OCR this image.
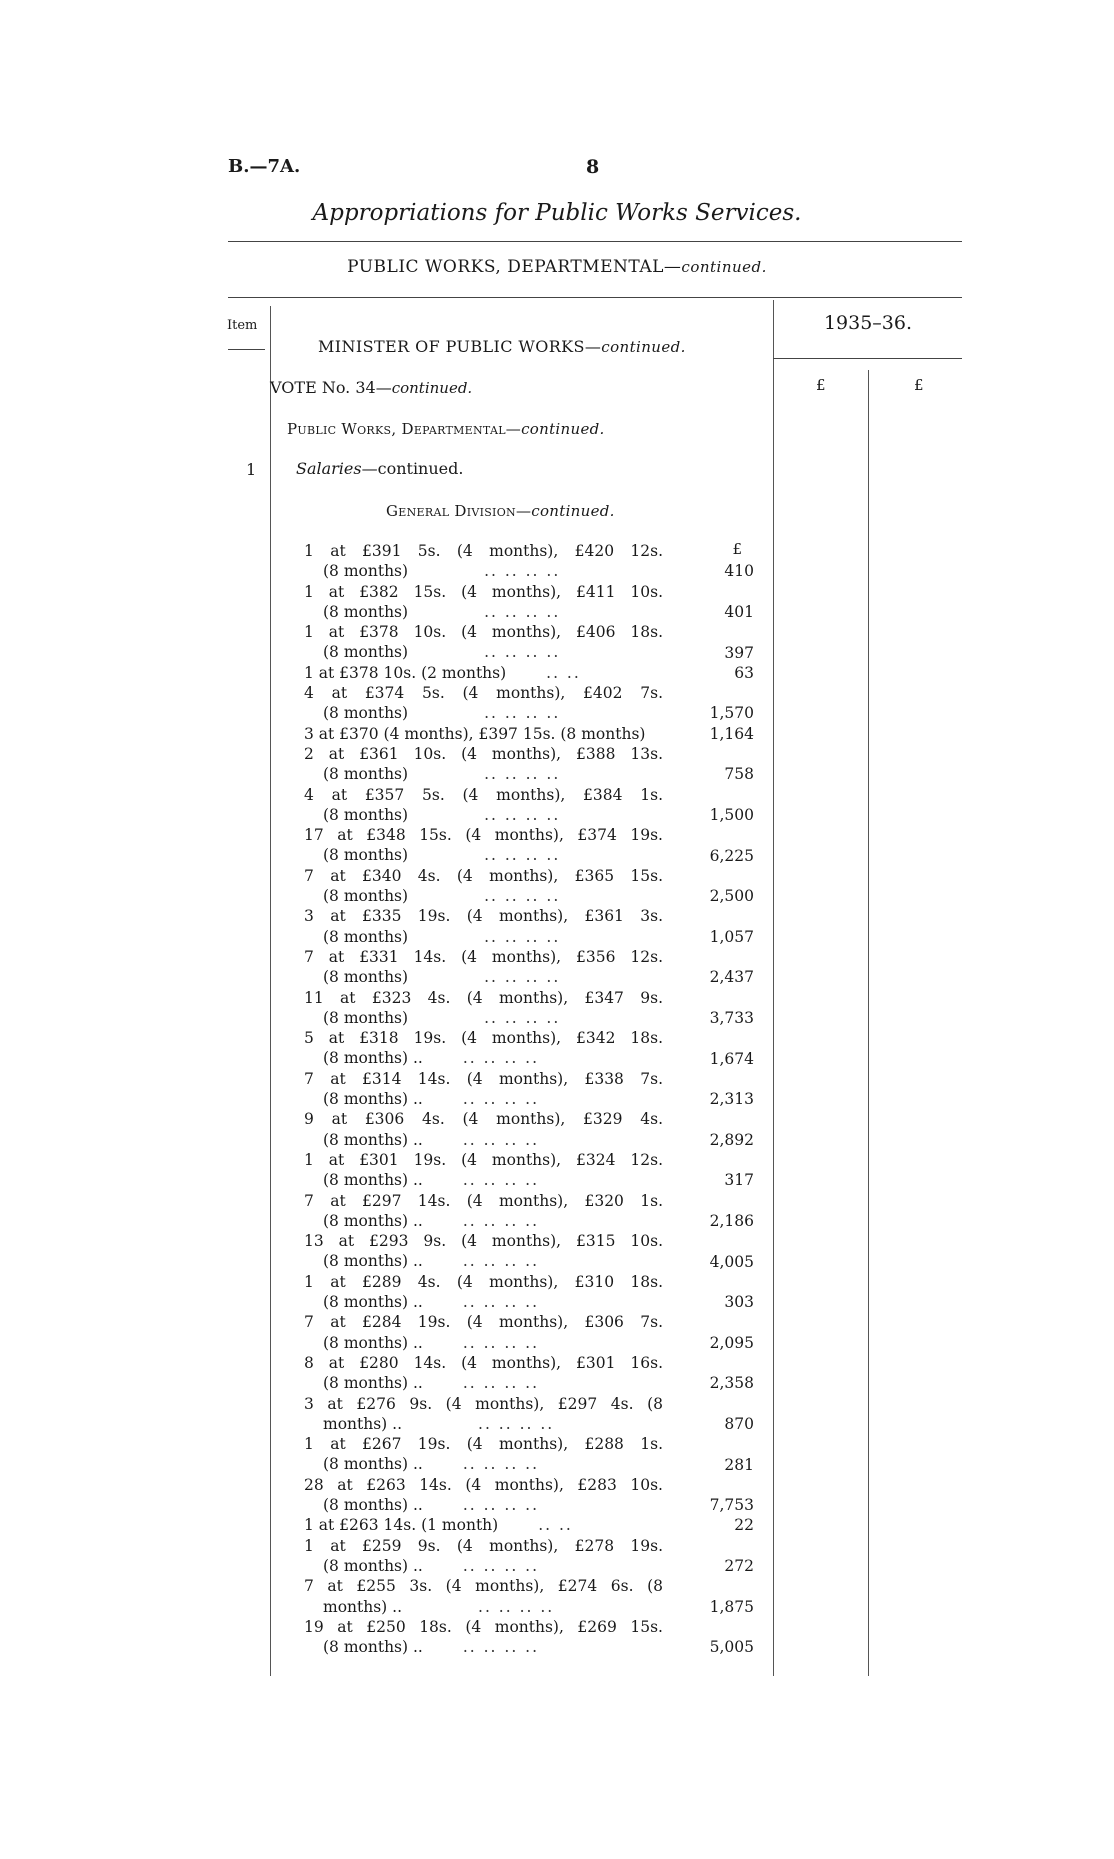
B.—7A.	8
Appropriations for Public Works Services.
PUBLIC WORKS, DEPARTMENTAL—continued.
Item	1935–36.
MINISTER OF PUBLIC WORKS—continued.
VOTE No. 34—continued.	£	£
Public Works, Departmental—continued.
1 Salaries—continued.
General Division—continued.
£
1 at £391 5s. (4 months), £420 12s.
(8 months)	.. .. .. ..	410
1 at £382 15s. (4 months), £411 10s.
(8 months)	.. .. .. ..	401
1 at £378 10s. (4 months), £406 18s.
(8 months)	.. .. .. ..	397
1 at £378 10s. (2 months)	.. ..	63
4 at £374 5s. (4 months), £402 7s.
(8 months)	.. .. .. ..	1,570
3 at £370 (4 months), £397 15s. (8 months)	1,164
2 at £361 10s. (4 months), £388 13s.
(8 months)	.. .. .. ..	758
4 at £357 5s. (4 months), £384 1s.
(8 months)	.. .. .. ..	1,500
17 at £348 15s. (4 months), £374 19s.
(8 months)	.. .. .. ..	6,225
7 at £340 4s. (4 months), £365 15s.
(8 months)	.. .. .. ..	2,500
3 at £335 19s. (4 months), £361 3s.
(8 months)	.. .. .. ..	1,057
7 at £331 14s. (4 months), £356 12s.
(8 months)	.. .. .. ..	2,437
11 at £323 4s. (4 months), £347 9s.
(8 months)	.. .. .. ..	3,733
5 at £318 19s. (4 months), £342 18s.
(8 months) ..	.. .. .. ..	1,674
7 at £314 14s. (4 months), £338 7s.
(8 months) ..	.. .. .. ..	2,313
9 at £306 4s. (4 months), £329 4s.
(8 months) ..	.. .. .. ..	2,892
1 at £301 19s. (4 months), £324 12s.
(8 months) ..	.. .. .. ..	317
7 at £297 14s. (4 months), £320 1s.
(8 months) ..	.. .. .. ..	2,186
13 at £293 9s. (4 months), £315 10s.
(8 months) ..	.. .. .. ..	4,005
1 at £289 4s. (4 months), £310 18s.
(8 months) ..	.. .. .. ..	303
7 at £284 19s. (4 months), £306 7s.
(8 months) ..	.. .. .. ..	2,095
8 at £280 14s. (4 months), £301 16s.
(8 months) ..	.. .. .. ..	2,358
3 at £276 9s. (4 months), £297 4s. (8
months) ..	.. .. .. ..	870
1 at £267 19s. (4 months), £288 1s.
(8 months) ..	.. .. .. ..	281
28 at £263 14s. (4 months), £283 10s.
(8 months) ..	.. .. .. ..	7,753
1 at £263 14s. (1 month)	.. ..	22
1 at £259 9s. (4 months), £278 19s.
(8 months) ..	.. .. .. ..	272
7 at £255 3s. (4 months), £274 6s. (8
months) ..	.. .. .. ..	1,875
19 at £250 18s. (4 months), £269 15s.
(8 months) ..	.. .. .. ..	5,005
